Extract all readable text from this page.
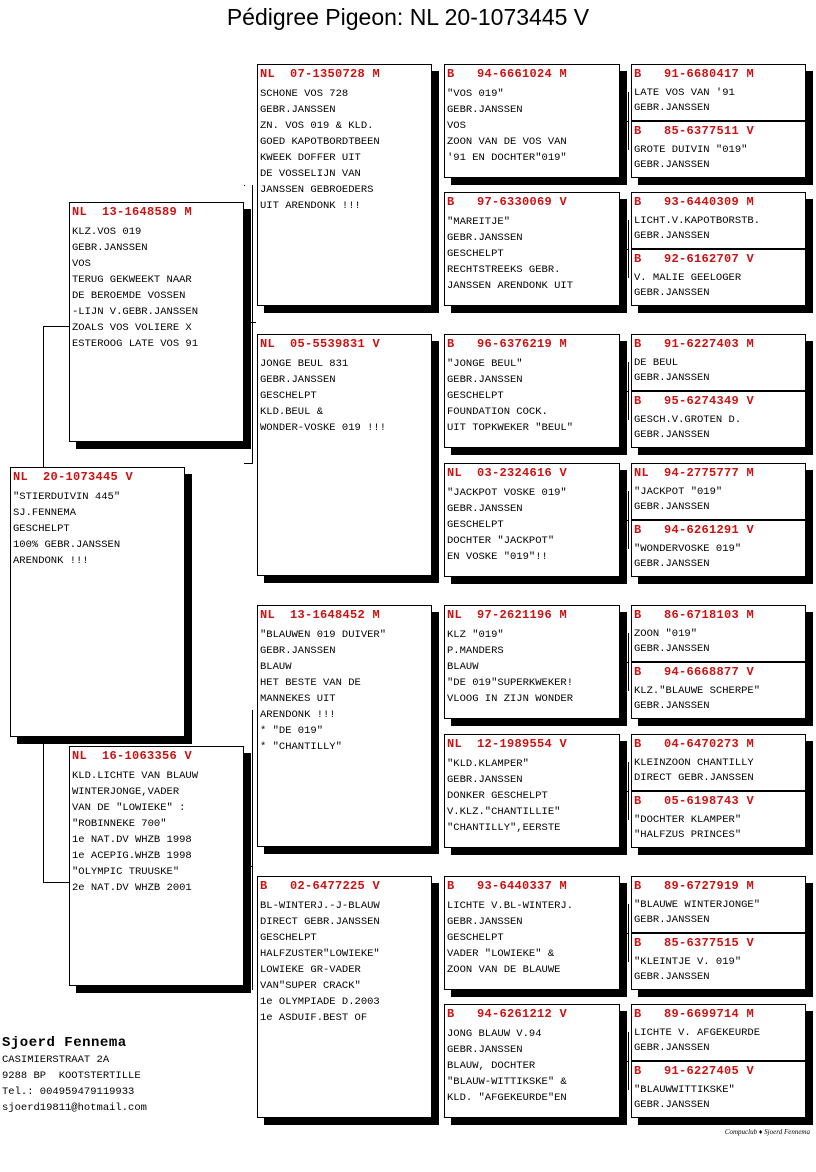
Pédigree Pigeon: NL 20-1073445 V
NL  20-1073445 V
"STIERDUIVIN 445"
SJ.FENNEMA
GESCHELPT
100% GEBR.JANSSEN
ARENDONK !!!
NL  13-1648589 M
KLZ.VOS 019
GEBR.JANSSEN
VOS
TERUG GEKWEEKT NAAR
DE BEROEMDE VOSSEN
-LIJN V.GEBR.JANSSEN
ZOALS VOS VOLIERE X
ESTEROOG LATE VOS 91
NL  16-1063356 V
KLD.LICHTE VAN BLAUW
WINTERJONGE,VADER
VAN DE "LOWIEKE" :
"ROBINNEKE 700"
1e NAT.DV WHZB 1998
1e ACEPIG.WHZB 1998
"OLYMPIC TRUUSKE"
2e NAT.DV WHZB 2001
NL  07-1350728 M
SCHONE VOS 728
GEBR.JANSSEN
ZN. VOS 019 & KLD.
GOED KAPOTBORDTBEEN
KWEEK DOFFER UIT
DE VOSSELIJN VAN
JANSSEN GEBROEDERS
UIT ARENDONK !!!
NL  05-5539831 V
JONGE BEUL 831
GEBR.JANSSEN
GESCHELPT
KLD.BEUL &
WONDER-VOSKE 019 !!!
NL  13-1648452 M
"BLAUWEN 019 DUIVER"
GEBR.JANSSEN
BLAUW
HET BESTE VAN DE
MANNEKES UIT
ARENDONK !!!
* "DE 019"
* "CHANTILLY"
B   02-6477225 V
BL-WINTERJ.-J-BLAUW
DIRECT GEBR.JANSSEN
GESCHELPT
HALFZUSTER"LOWIEKE"
LOWIEKE GR-VADER
VAN"SUPER CRACK"
1e OLYMPIADE D.2003
1e ASDUIF.BEST OF
B   94-6661024 M
"VOS 019"
GEBR.JANSSEN
VOS
ZOON VAN DE VOS VAN
'91 EN DOCHTER"019"
B   97-6330069 V
"MAREITJE"
GEBR.JANSSEN
GESCHELPT
RECHTSTREEKS GEBR.
JANSSEN ARENDONK UIT
B   96-6376219 M
"JONGE BEUL"
GEBR.JANSSEN
GESCHELPT
FOUNDATION COCK.
UIT TOPKWEKER "BEUL"
NL  03-2324616 V
"JACKPOT VOSKE 019"
GEBR.JANSSEN
GESCHELPT
DOCHTER "JACKPOT"
EN VOSKE "019"!!
NL  97-2621196 M
KLZ "019"
P.MANDERS
BLAUW
"DE 019"SUPERKWEKER!
VLOOG IN ZIJN WONDER
NL  12-1989554 V
"KLD.KLAMPER"
GEBR.JANSSEN
DONKER GESCHELPT
V.KLZ."CHANTILLIE"
"CHANTILLY",EERSTE
B   93-6440337 M
LICHTE V.BL-WINTERJ.
GEBR.JANSSEN
GESCHELPT
VADER "LOWIEKE" &
ZOON VAN DE BLAUWE
B   94-6261212 V
JONG BLAUW V.94
GEBR.JANSSEN
BLAUW, DOCHTER
"BLAUW-WITTIKSKE" &
KLD. "AFGEKEURDE"EN
B   91-6680417 M
LATE VOS VAN '91
GEBR.JANSSEN
B   85-6377511 V
GROTE DUIVIN "019"
GEBR.JANSSEN
B   93-6440309 M
LICHT.V.KAPOTBORSTB.
GEBR.JANSSEN
B   92-6162707 V
V. MALIE GEELOGER
GEBR.JANSSEN
B   91-6227403 M
DE BEUL
GEBR.JANSSEN
B   95-6274349 V
GESCH.V.GROTEN D.
GEBR.JANSSEN
NL  94-2775777 M
"JACKPOT "019"
GEBR.JANSSEN
B   94-6261291 V
"WONDERVOSKE 019"
GEBR.JANSSEN
B   86-6718103 M
ZOON "019"
GEBR.JANSSEN
B   94-6668877 V
KLZ."BLAUWE SCHERPE"
GEBR.JANSSEN
B   04-6470273 M
KLEINZOON CHANTILLY
DIRECT GEBR.JANSSEN
B   05-6198743 V
"DOCHTER KLAMPER"
"HALFZUS PRINCES"
B   89-6727919 M
"BLAUWE WINTERJONGE"
GEBR.JANSSEN
B   85-6377515 V
"KLEINTJE V. 019"
GEBR.JANSSEN
B   89-6699714 M
LICHTE V. AFGEKEURDE
GEBR.JANSSEN
B   91-6227405 V
"BLAUWWITTIKSKE"
GEBR.JANSSEN
Sjoerd Fennema
CASIMIERSTRAAT 2A
9288 BP  KOOTSTERTILLE
Tel.: 004959479119933
sjoerd19811@hotmail.com
Compuclub ♦ Sjoerd Fennema
